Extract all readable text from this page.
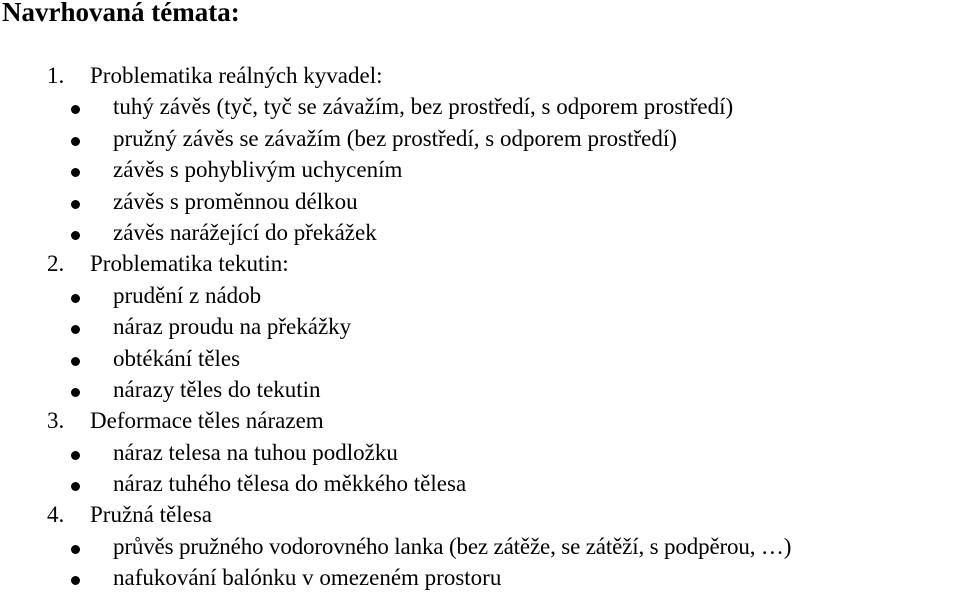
Navrhovaná témata:
1. Problematika reálných kyvadel:
tuhý závěs (tyč, tyč se závažím, bez prostředí, s odporem prostředí)
pružný závěs se závažím (bez prostředí, s odporem prostředí)
závěs s pohyblivým uchycením
závěs s proměnnou délkou
závěs narážející do překážek
2. Problematika tekutin:
prudění z nádob
náraz proudu na překážky
obtékání těles
nárazy těles do tekutin
3. Deformace těles nárazem
náraz telesa na tuhou podložku
náraz tuhého tělesa do měkkého tělesa
4. Pružná tělesa
průvěs pružného vodorovného lanka (bez zátěže, se zátěží, s podpěrou, …)
nafukování balónku v omezeném prostoru
